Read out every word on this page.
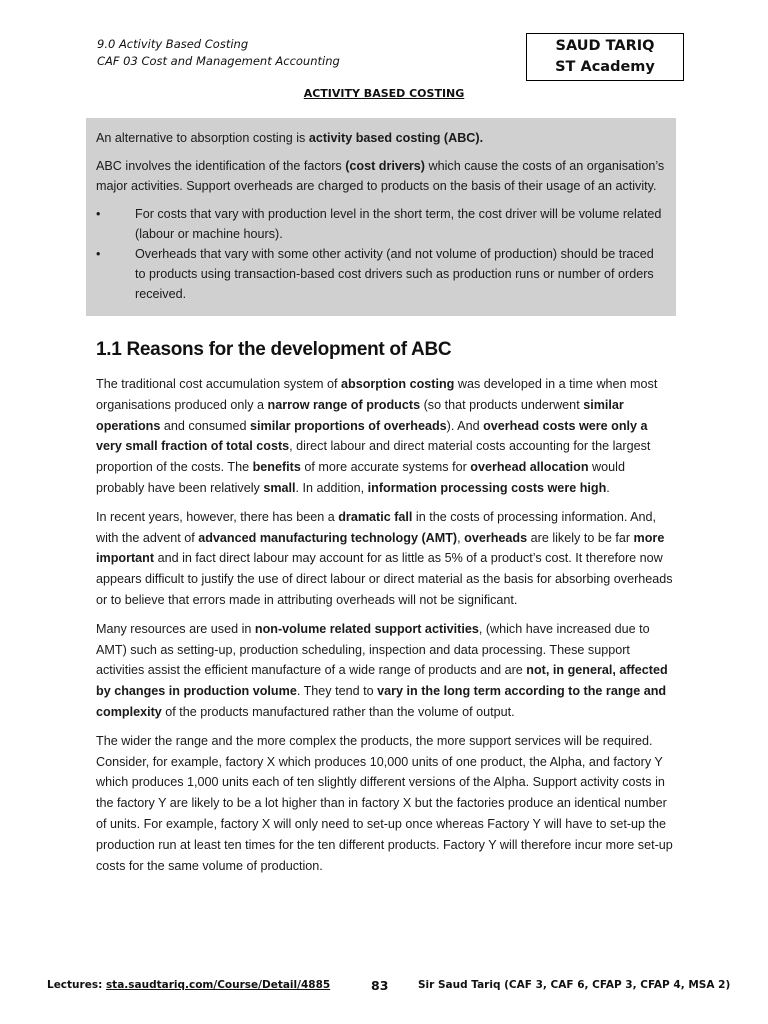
9.0 Activity Based Costing
CAF 03 Cost and Management Accounting
SAUD TARIQ
ST Academy
ACTIVITY BASED COSTING

An alternative to absorption costing is activity based costing (ABC).

ABC involves the identification of the factors (cost drivers) which cause the costs of an organisation’s major activities. Support overheads are charged to products on the basis of their usage of an activity.

•	For costs that vary with production level in the short term, the cost driver will be volume related (labour or machine hours).
•	Overheads that vary with some other activity (and not volume of production) should be traced to products using transaction-based cost drivers such as production runs or number of orders received.
1.1 Reasons for the development of ABC

The traditional cost accumulation system of absorption costing was developed in a time when most organisations produced only a narrow range of products (so that products underwent similar operations and consumed similar proportions of overheads). And overhead costs were only a very small fraction of total costs, direct labour and direct material costs accounting for the largest proportion of the costs. The benefits of more accurate systems for overhead allocation would probably have been relatively small. In addition, information processing costs were high.

In recent years, however, there has been a dramatic fall in the costs of processing information. And, with the advent of advanced manufacturing technology (AMT), overheads are likely to be far more important and in fact direct labour may account for as little as 5% of a product’s cost. It therefore now appears difficult to justify the use of direct labour or direct material as the basis for absorbing overheads or to believe that errors made in attributing overheads will not be significant.

Many resources are used in non-volume related support activities, (which have increased due to AMT) such as setting-up, production scheduling, inspection and data processing. These support activities assist the efficient manufacture of a wide range of products and are not, in general, affected by changes in production volume. They tend to vary in the long term according to the range and complexity of the products manufactured rather than the volume of output.

The wider the range and the more complex the products, the more support services will be required. Consider, for example, factory X which produces 10,000 units of one product, the Alpha, and factory Y which produces 1,000 units each of ten slightly different versions of the Alpha. Support activity costs in the factory Y are likely to be a lot higher than in factory X but the factories produce an identical number of units. For example, factory X will only need to set-up once whereas Factory Y will have to set-up the production run at least ten times for the ten different products. Factory Y will therefore incur more set-up costs for the same volume of production.

Lectures: sta.saudtariq.com/Course/Detail/4885	83	Sir Saud Tariq (CAF 3, CAF 6, CFAP 3, CFAP 4, MSA 2)
